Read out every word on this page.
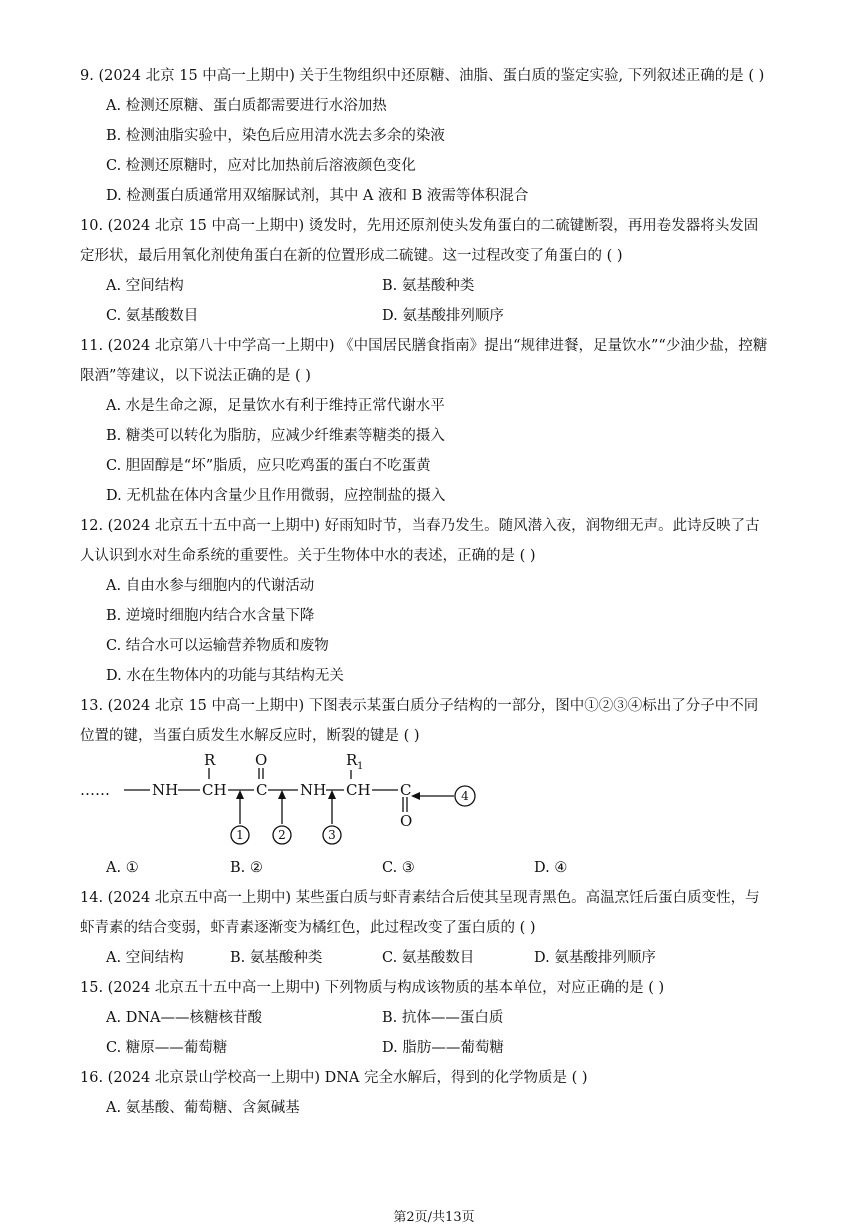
9. (2024 北京 15 中高一上期中) 关于生物组织中还原糖、油脂、蛋白质的鉴定实验, 下列叙述正确的是 ( )
A. 检测还原糖、蛋白质都需要进行水浴加热
B. 检测油脂实验中，染色后应用清水洗去多余的染液
C. 检测还原糖时，应对比加热前后溶液颜色变化
D. 检测蛋白质通常用双缩脲试剂，其中 A 液和 B 液需等体积混合
10. (2024 北京 15 中高一上期中) 烫发时，先用还原剂使头发角蛋白的二硫键断裂，再用卷发器将头发固
定形状，最后用氧化剂使角蛋白在新的位置形成二硫键。这一过程改变了角蛋白的 ( )
A. 空间结构	B. 氨基酸种类
C. 氨基酸数目	D. 氨基酸排列顺序
11. (2024 北京第八十中学高一上期中) 《中国居民膳食指南》提出“规律进餐，足量饮水”“少油少盐，控糖
限酒”等建议，以下说法正确的是 ( )
A. 水是生命之源，足量饮水有利于维持正常代谢水平
B. 糖类可以转化为脂肪，应减少纤维素等糖类的摄入
C. 胆固醇是“坏”脂质，应只吃鸡蛋的蛋白不吃蛋黄
D. 无机盐在体内含量少且作用微弱，应控制盐的摄入
12. (2024 北京五十五中高一上期中) 好雨知时节，当春乃发生。随风潜入夜，润物细无声。此诗反映了古
人认识到水对生命系统的重要性。关于生物体中水的表述，正确的是 ( )
A. 自由水参与细胞内的代谢活动
B. 逆境时细胞内结合水含量下降
C. 结合水可以运输营养物质和废物
D. 水在生物体内的功能与其结构无关
13. (2024 北京 15 中高一上期中) 下图表示某蛋白质分子结构的一部分，图中①②③④标出了分子中不同
位置的键，当蛋白质发生水解反应时，断裂的键是 ( )
……	NH CH C NH CH C
R	R 1
O
O
1	2	3
4
A. ①	B. ②	C. ③	D. ④
14. (2024 北京五中高一上期中) 某些蛋白质与虾青素结合后使其呈现青黑色。高温烹饪后蛋白质变性，与
虾青素的结合变弱，虾青素逐渐变为橘红色，此过程改变了蛋白质的 ( )
A. 空间结构	B. 氨基酸种类	C. 氨基酸数目	D. 氨基酸排列顺序
15. (2024 北京五十五中高一上期中) 下列物质与构成该物质的基本单位，对应正确的是 ( )
A. DNA——核糖核苷酸	B. 抗体——蛋白质
C. 糖原——葡萄糖	D. 脂肪——葡萄糖
16. (2024 北京景山学校高一上期中) DNA 完全水解后，得到的化学物质是 ( )
A. 氨基酸、葡萄糖、含氮碱基
第2页/共13页
